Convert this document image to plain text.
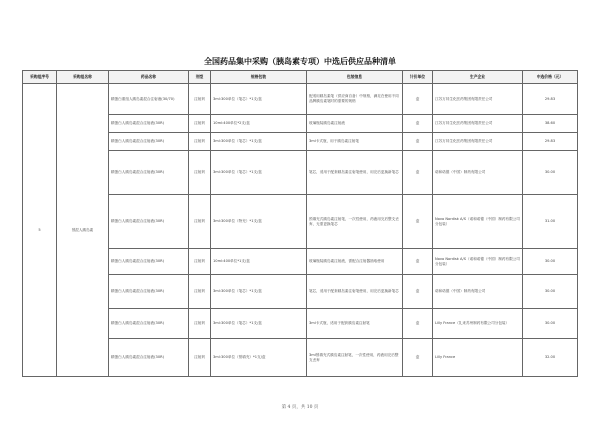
全国药品集中采购（胰岛素专项）中选后供应品种清单
采购组序号	采购组名称	药品名称	剂型	规格包装	包装信息	计价单位	生产企业	中选价格（元）
5	预混人胰岛素	精蛋白重组人胰岛素混合注射液(30/70)	注射剂	3ml:300单位（笔芯）*1支/盒	配适用胰岛素笔（供应商自备）中规格，满足在使用不同品牌胰岛素笔时的需要的规格	盒	江苏万邦生化医药集团有限责任公司	29.83
		精蛋白人胰岛素混合注射液(30R)	注射剂	10ml:400单位*2支/盒	玻璃瓶装胰岛素注射液	盒	江苏万邦生化医药集团有限责任公司	38.60
		精蛋白人胰岛素混合注射液(30R)	注射剂	3ml:300单位（笔芯）*1支/盒	3ml卡式瓶，用于胰岛素注射笔	盒	江苏万邦生化医药集团有限责任公司	29.83
		精蛋白人胰岛素混合注射液(30R)	注射剂	3ml:300单位（笔芯）*1支/盒	笔芯，适用于配套胰岛素注射笔使用，用完后更换新笔芯	盒	诺和诺德（中国）制药有限公司	30.00
		精蛋白人胰岛素混合注射液(30R)	注射剂	3ml:300单位（特充）*1支/盒	预填充式胰岛素注射笔，一次性使用，药液用完后整支丢弃，无需更换笔芯	盒	Novo Nordisk A/S（诺和诺德（中国）制药有限公司分包装）	31.00
		精蛋白人胰岛素混合注射液(30R)	注射剂	10ml:400单位*1支/盒	玻璃瓶装胰岛素注射液，需配合注射器抽取使用	盒	Novo Nordisk A/S（诺和诺德（中国）制药有限公司分包装）	30.00
		精蛋白人胰岛素混合注射液(30R)	注射剂	3ml:300单位（笔芯）*1支/盒	笔芯，适用于配套胰岛素注射笔使用，用完后更换新笔芯	盒	诺和诺德（中国）制药有限公司	30.00
		精蛋白人胰岛素混合注射液(30R)	注射剂	3ml:300单位（笔芯）*1支/盒	3ml卡式瓶，适用于配套胰岛素注射笔	盒	Lilly France（礼来苏州制药有限公司分包装）	30.00
		精蛋白人胰岛素混合注射液(30R)	注射剂	3ml:300单位（预填充）*1支/盒	3ml预填充式胰岛素注射笔，一次性使用，药液用完后整支丢弃	盒	Lilly France	32.00
第 4 页，共 10 页
